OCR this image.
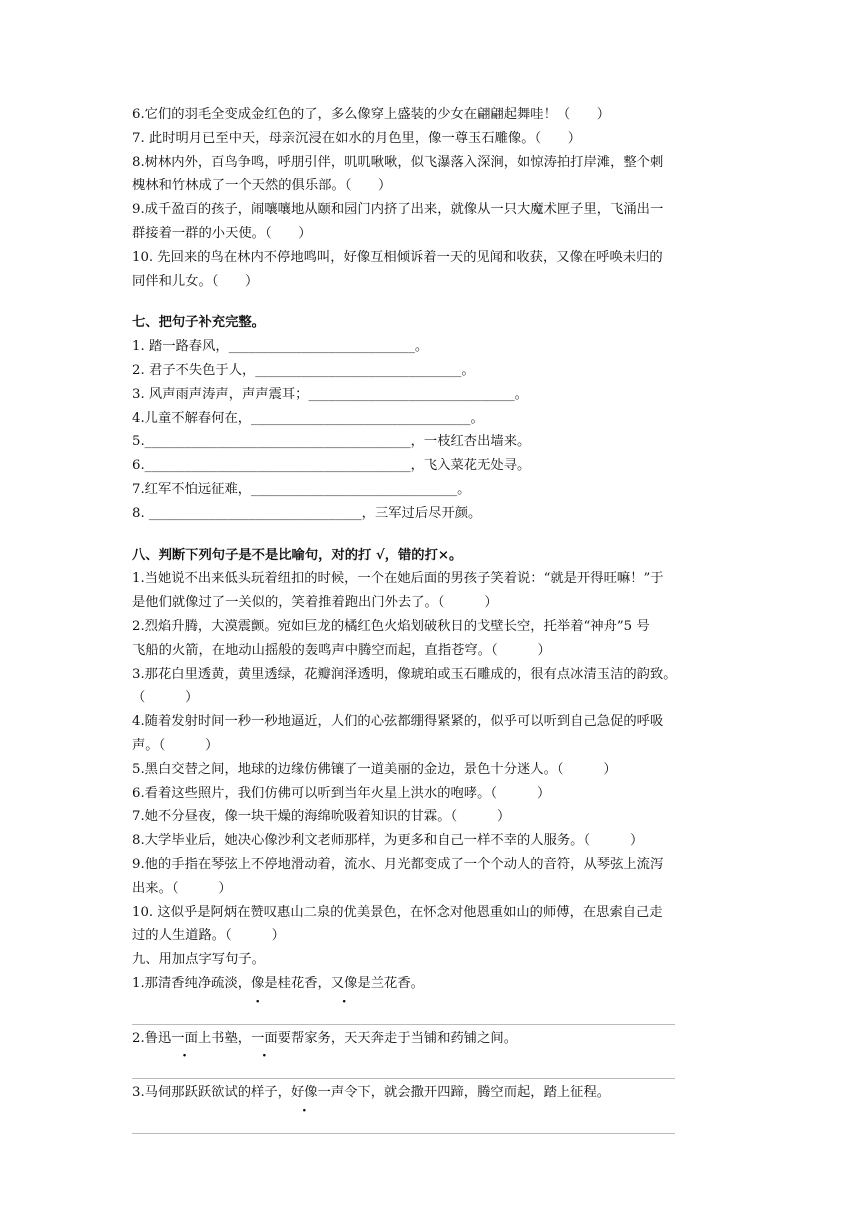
6.它们的羽毛全变成金红色的了，多么像穿上盛装的少女在翩翩起舞哇！（　　）
7. 此时明月已至中天，母亲沉浸在如水的月色里，像一尊玉石雕像。（　　）
8.树林内外，百鸟争鸣，呼朋引伴，叽叽啾啾，似飞瀑落入深涧，如惊涛拍打岸滩，整个刺
槐林和竹林成了一个天然的俱乐部。（　　）
9.成千盈百的孩子，闹嚷嚷地从颐和园门内挤了出来，就像从一只大魔术匣子里，飞涌出一
群接着一群的小天使。（　　）
10. 先回来的鸟在林内不停地鸣叫，好像互相倾诉着一天的见闻和收获，又像在呼唤未归的
同伴和儿女。（　　）
七、把句子补充完整。
1. 踏一路春风，____________________________。
2. 君子不失色于人，_______________________________。
3. 风声雨声涛声，声声震耳；_______________________________。
4.儿童不解春何在，_________________________________。
5.________________________________________，一枝红杏出墙来。
6.________________________________________，飞入菜花无处寻。
7.红军不怕远征难，_______________________________。
8. ________________________________，三军过后尽开颜。
八、判断下列句子是不是比喻句，对的打 √，错的打×。
1.当她说不出来低头玩着纽扣的时候，一个在她后面的男孩子笑着说：“就是开得旺嘛！”于
是他们就像过了一关似的，笑着推着跑出门外去了。（　　　）
2.烈焰升腾，大漠震颤。宛如巨龙的橘红色火焰划破秋日的戈壁长空，托举着“神舟”5 号
飞船的火箭，在地动山摇般的轰鸣声中腾空而起，直指苍穹。（　　　）
3.那花白里透黄，黄里透绿，花瓣润泽透明，像琥珀或玉石雕成的，很有点冰清玉洁的韵致。
（　　　）
4.随着发射时间一秒一秒地逼近，人们的心弦都绷得紧紧的，似乎可以听到自己急促的呼吸
声。（　　　）
5.黑白交替之间，地球的边缘仿佛镶了一道美丽的金边，景色十分迷人。（　　　）
6.看着这些照片，我们仿佛可以听到当年火星上洪水的咆哮。（　　　）
7.她不分昼夜，像一块干燥的海绵吮吸着知识的甘霖。（　　　）
8.大学毕业后，她决心像沙利文老师那样，为更多和自己一样不幸的人服务。（　　　）
9.他的手指在琴弦上不停地滑动着，流水、月光都变成了一个个动人的音符，从琴弦上流泻
出来。（　　　）
10. 这似乎是阿炳在赞叹惠山二泉的优美景色，在怀念对他恩重如山的师傅，在思索自己走
过的人生道路。（　　　）
九、用加点字写句子。
1.那清香纯净疏淡，像是桂花香，又像是兰花香。
2.鲁迅一面上书塾，一面要帮家务，天天奔走于当铺和药铺之间。
3.马伺那跃跃欲试的样子，好像一声令下，就会撒开四蹄，腾空而起，踏上征程。
